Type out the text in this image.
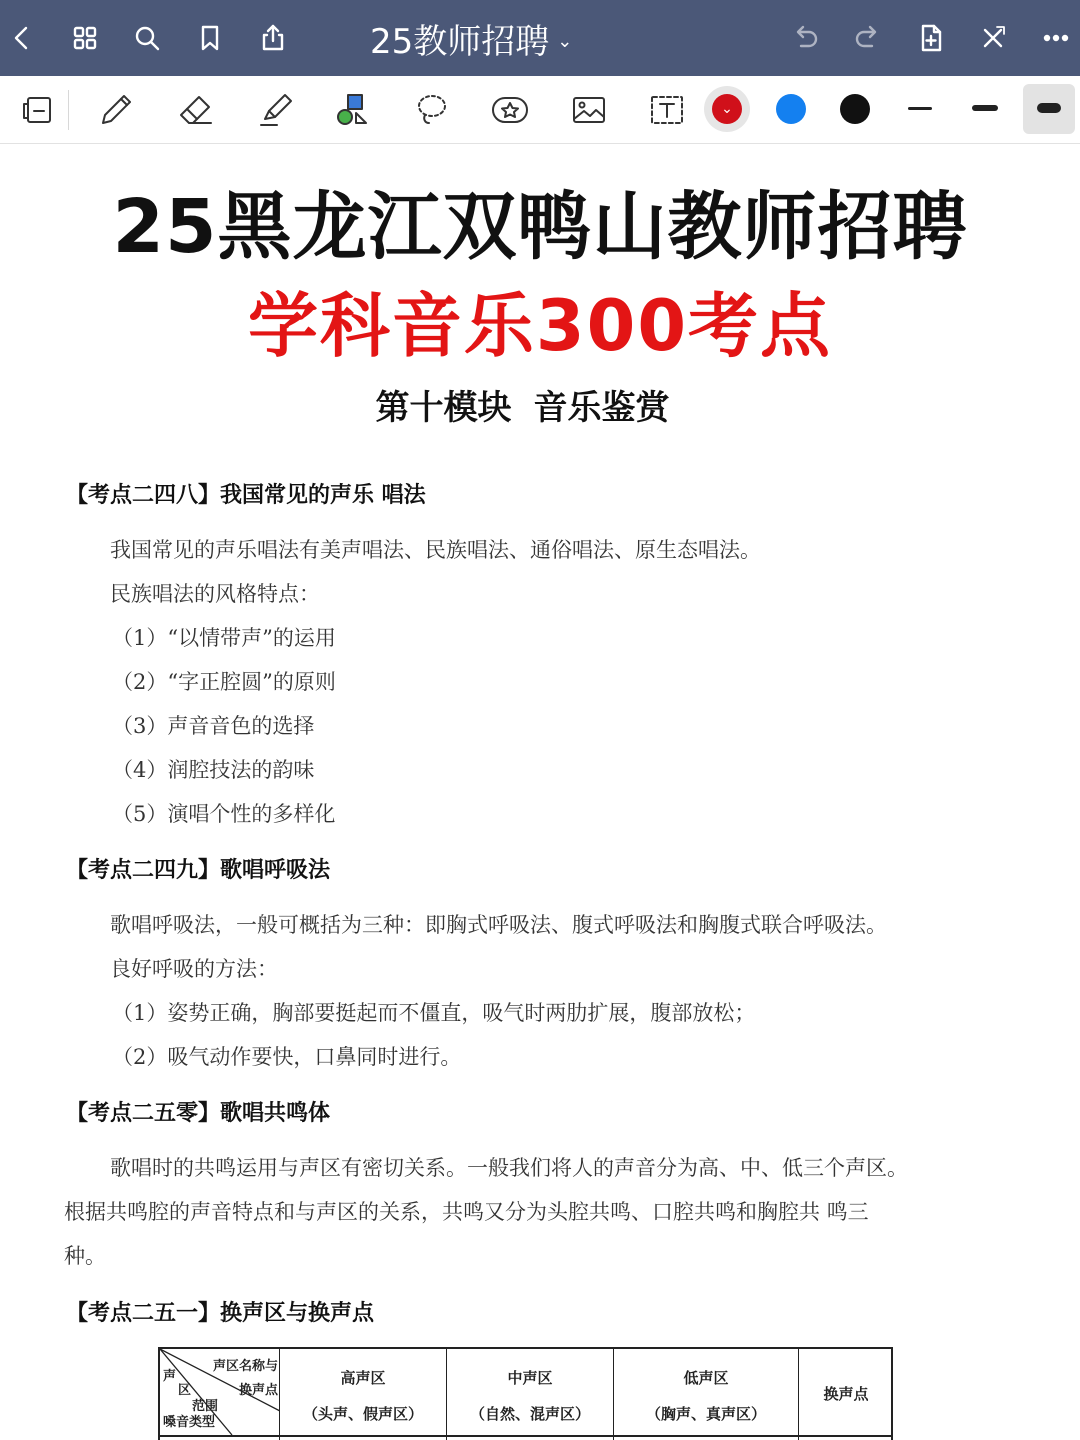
25教师招聘 ⌄
⌄
25黑龙江双鸭山教师招聘
学科音乐300考点
第十模块 音乐鉴赏
【考点二四八】我国常见的声乐 唱法
我国常见的声乐唱法有美声唱法、民族唱法、通俗唱法、原生态唱法。
民族唱法的风格特点：
（1）“以情带声”的运用
（2）“字正腔圆”的原则
（3）声音音色的选择
（4）润腔技法的韵味
（5）演唱个性的多样化
【考点二四九】歌唱呼吸法
歌唱呼吸法，一般可概括为三种：即胸式呼吸法、腹式呼吸法和胸腹式联合呼吸法。
良好呼吸的方法：
（1）姿势正确，胸部要挺起而不僵直，吸气时两肋扩展，腹部放松；
（2）吸气动作要快，口鼻同时进行。
【考点二五零】歌唱共鸣体
歌唱时的共鸣运用与声区有密切关系。一般我们将人的声音分为高、中、低三个声区。
根据共鸣腔的声音特点和与声区的关系，共鸣又分为头腔共鸣、口腔共鸣和胸腔共 鸣三
种。
【考点二五一】换声区与换声点
声区名称与
换声点
声
区
范围
嗓音类型
高声区
（头声、假声区）
中声区
（自然、混声区）
低声区
（胸声、真声区）
换声点
